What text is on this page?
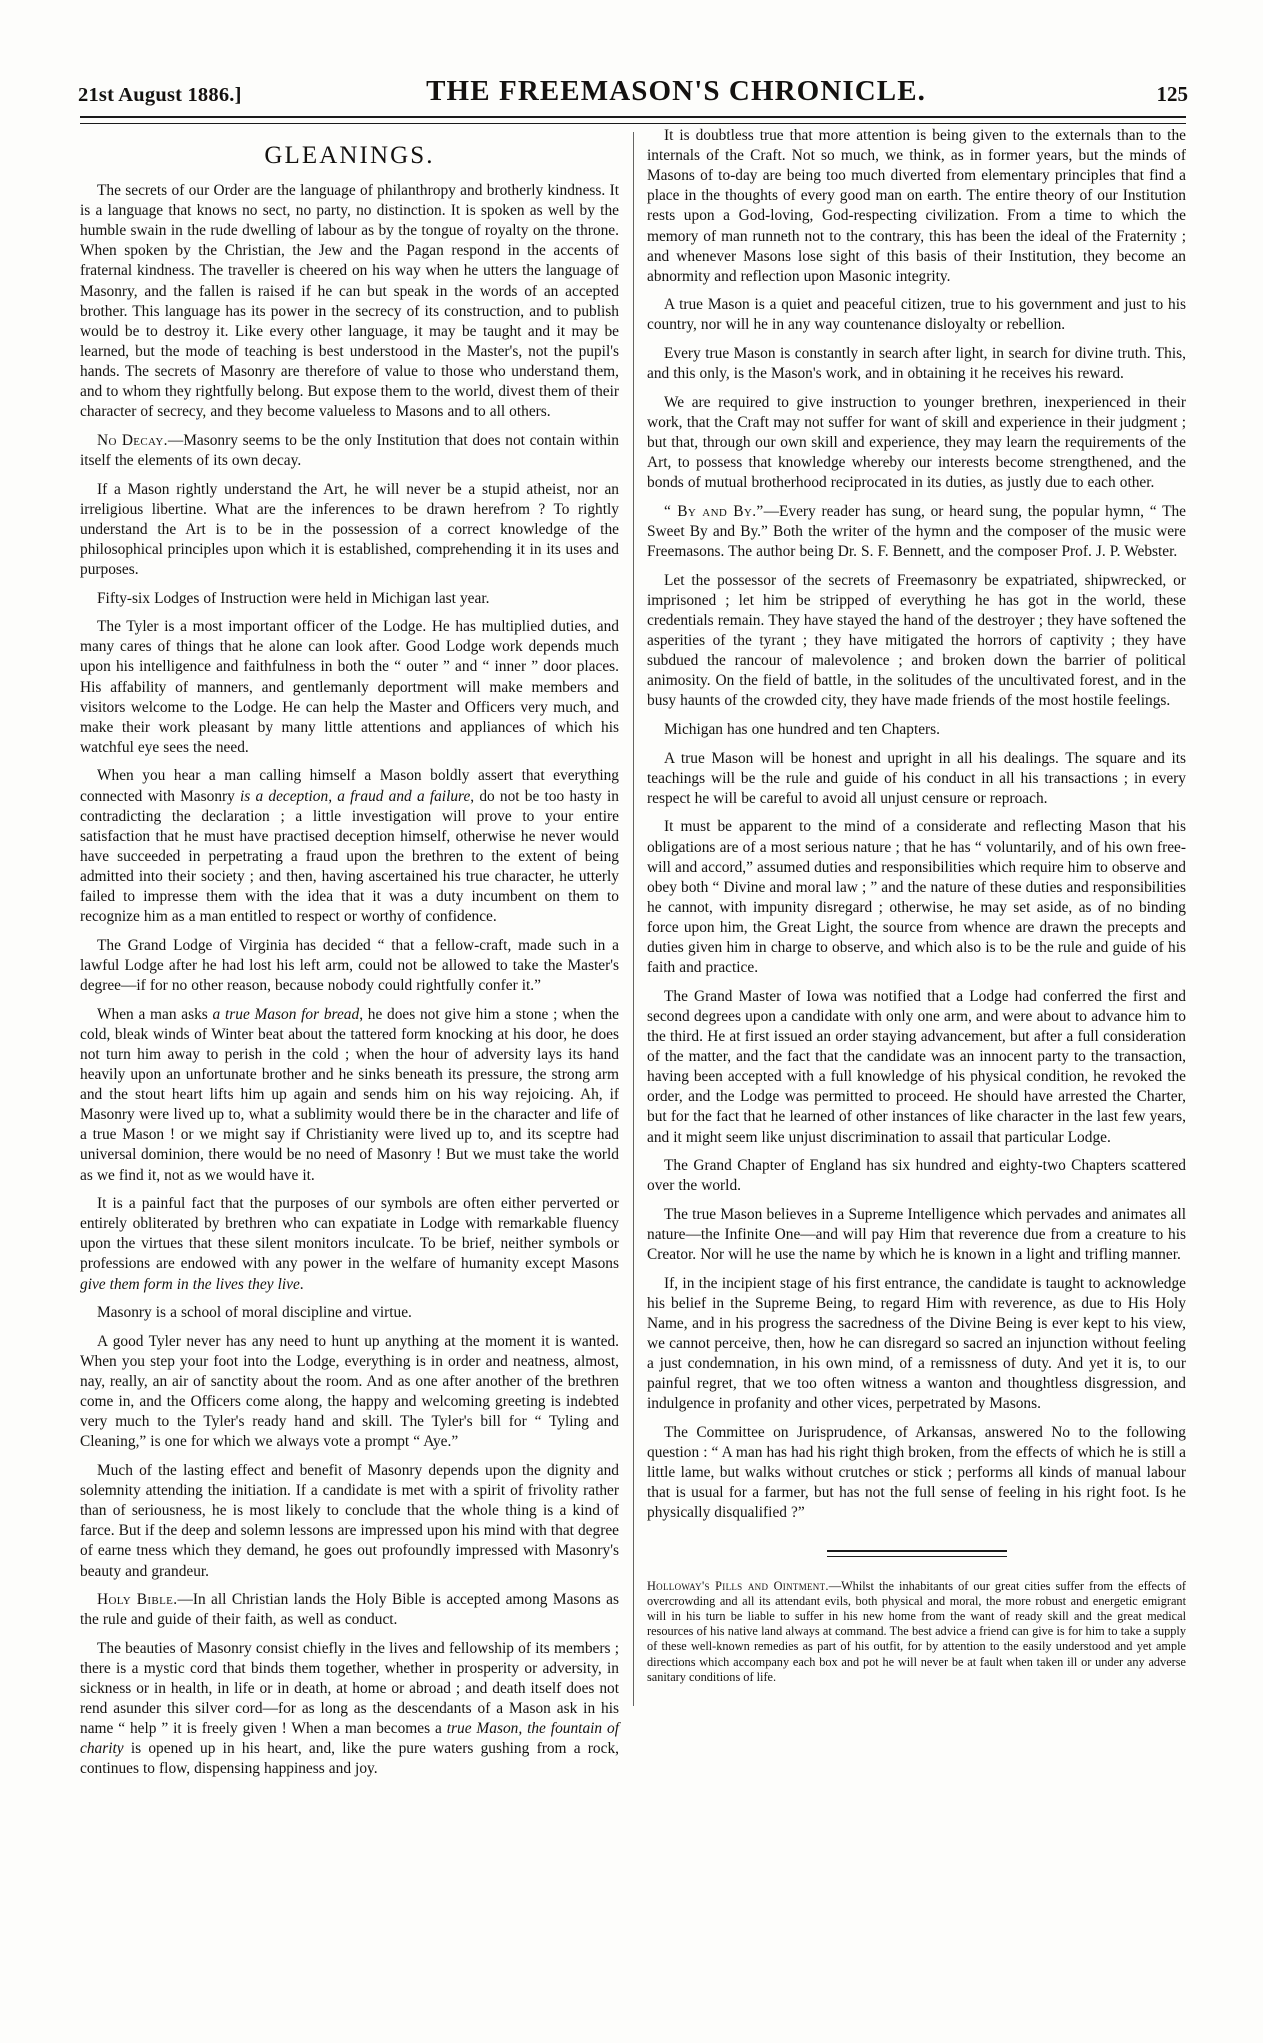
21st August 1886.]	THE FREEMASON'S CHRONICLE.	125
GLEANINGS.

The secrets of our Order are the language of philanthropy and brotherly kindness. It is a language that knows no sect, no party, no distinction. It is spoken as well by the humble swain in the rude dwelling of labour as by the tongue of royalty on the throne. When spoken by the Christian, the Jew and the Pagan respond in the accents of fraternal kindness. The traveller is cheered on his way when he utters the language of Masonry, and the fallen is raised if he can but speak in the words of an accepted brother. This language has its power in the secrecy of its construction, and to publish would be to destroy it. Like every other language, it may be taught and it may be learned, but the mode of teaching is best understood in the Master's, not the pupil's hands. The secrets of Masonry are therefore of value to those who understand them, and to whom they rightfully belong. But expose them to the world, divest them of their character of secrecy, and they become valueless to Masons and to all others.

No Decay.—Masonry seems to be the only Institution that does not contain within itself the elements of its own decay.

If a Mason rightly understand the Art, he will never be a stupid atheist, nor an irreligious libertine. What are the inferences to be drawn herefrom ? To rightly understand the Art is to be in the possession of a correct knowledge of the philosophical principles upon which it is established, comprehending it in its uses and purposes.

Fifty-six Lodges of Instruction were held in Michigan last year.

The Tyler is a most important officer of the Lodge. He has multiplied duties, and many cares of things that he alone can look after. Good Lodge work depends much upon his intelligence and faithfulness in both the “ outer ” and “ inner ” door places. His affability of manners, and gentlemanly deportment will make members and visitors welcome to the Lodge. He can help the Master and Officers very much, and make their work pleasant by many little attentions and appliances of which his watchful eye sees the need.

When you hear a man calling himself a Mason boldly assert that everything connected with Masonry is a deception, a fraud and a failure, do not be too hasty in contradicting the declaration ; a little investigation will prove to your entire satisfaction that he must have practised deception himself, otherwise he never would have succeeded in perpetrating a fraud upon the brethren to the extent of being admitted into their society ; and then, having ascertained his true character, he utterly failed to impresse them with the idea that it was a duty incumbent on them to recognize him as a man entitled to respect or worthy of confidence.

The Grand Lodge of Virginia has decided “ that a fellow-craft, made such in a lawful Lodge after he had lost his left arm, could not be allowed to take the Master's degree—if for no other reason, because nobody could rightfully confer it.”

When a man asks a true Mason for bread, he does not give him a stone ; when the cold, bleak winds of Winter beat about the tattered form knocking at his door, he does not turn him away to perish in the cold ; when the hour of adversity lays its hand heavily upon an unfortunate brother and he sinks beneath its pressure, the strong arm and the stout heart lifts him up again and sends him on his way rejoicing. Ah, if Masonry were lived up to, what a sublimity would there be in the character and life of a true Mason ! or we might say if Christianity were lived up to, and its sceptre had universal dominion, there would be no need of Masonry ! But we must take the world as we find it, not as we would have it.

It is a painful fact that the purposes of our symbols are often either perverted or entirely obliterated by brethren who can expatiate in Lodge with remarkable fluency upon the virtues that these silent monitors inculcate. To be brief, neither symbols or professions are endowed with any power in the welfare of humanity except Masons give them form in the lives they live.

Masonry is a school of moral discipline and virtue.

A good Tyler never has any need to hunt up anything at the moment it is wanted. When you step your foot into the Lodge, everything is in order and neatness, almost, nay, really, an air of sanctity about the room. And as one after another of the brethren come in, and the Officers come along, the happy and welcoming greeting is indebted very much to the Tyler's ready hand and skill. The Tyler's bill for “ Tyling and Cleaning,” is one for which we always vote a prompt “ Aye.”

Much of the lasting effect and benefit of Masonry depends upon the dignity and solemnity attending the initiation. If a candidate is met with a spirit of frivolity rather than of seriousness, he is most likely to conclude that the whole thing is a kind of farce. But if the deep and solemn lessons are impressed upon his mind with that degree of earne tness which they demand, he goes out profoundly impressed with Masonry's beauty and grandeur.

Holy Bible.—In all Christian lands the Holy Bible is accepted among Masons as the rule and guide of their faith, as well as conduct.

The beauties of Masonry consist chiefly in the lives and fellowship of its members ; there is a mystic cord that binds them together, whether in prosperity or adversity, in sickness or in health, in life or in death, at home or abroad ; and death itself does not rend asunder this silver cord—for as long as the descendants of a Mason ask in his name “ help ” it is freely given ! When a man becomes a true Mason, the fountain of charity is opened up in his heart, and, like the pure waters gushing from a rock, continues to flow, dispensing happiness and joy.

It is doubtless true that more attention is being given to the externals than to the internals of the Craft. Not so much, we think, as in former years, but the minds of Masons of to-day are being too much diverted from elementary principles that find a place in the thoughts of every good man on earth. The entire theory of our Institution rests upon a God-loving, God-respecting civilization. From a time to which the memory of man runneth not to the contrary, this has been the ideal of the Fraternity ; and whenever Masons lose sight of this basis of their Institution, they become an abnormity and reflection upon Masonic integrity.

A true Mason is a quiet and peaceful citizen, true to his government and just to his country, nor will he in any way countenance disloyalty or rebellion.

Every true Mason is constantly in search after light, in search for divine truth. This, and this only, is the Mason's work, and in obtaining it he receives his reward.

We are required to give instruction to younger brethren, inexperienced in their work, that the Craft may not suffer for want of skill and experience in their judgment ; but that, through our own skill and experience, they may learn the requirements of the Art, to possess that knowledge whereby our interests become strengthened, and the bonds of mutual brotherhood reciprocated in its duties, as justly due to each other.

“ By and By.”—Every reader has sung, or heard sung, the popular hymn, “ The Sweet By and By.” Both the writer of the hymn and the composer of the music were Freemasons. The author being Dr. S. F. Bennett, and the composer Prof. J. P. Webster.

Let the possessor of the secrets of Freemasonry be expatriated, shipwrecked, or imprisoned ; let him be stripped of everything he has got in the world, these credentials remain. They have stayed the hand of the destroyer ; they have softened the asperities of the tyrant ; they have mitigated the horrors of captivity ; they have subdued the rancour of malevolence ; and broken down the barrier of political animosity. On the field of battle, in the solitudes of the uncultivated forest, and in the busy haunts of the crowded city, they have made friends of the most hostile feelings.

Michigan has one hundred and ten Chapters.

A true Mason will be honest and upright in all his dealings. The square and its teachings will be the rule and guide of his conduct in all his transactions ; in every respect he will be careful to avoid all unjust censure or reproach.

It must be apparent to the mind of a considerate and reflecting Mason that his obligations are of a most serious nature ; that he has “ voluntarily, and of his own free-will and accord,” assumed duties and responsibilities which require him to observe and obey both “ Divine and moral law ; ” and the nature of these duties and responsibilities he cannot, with impunity disregard ; otherwise, he may set aside, as of no binding force upon him, the Great Light, the source from whence are drawn the precepts and duties given him in charge to observe, and which also is to be the rule and guide of his faith and practice.

The Grand Master of Iowa was notified that a Lodge had conferred the first and second degrees upon a candidate with only one arm, and were about to advance him to the third. He at first issued an order staying advancement, but after a full consideration of the matter, and the fact that the candidate was an innocent party to the transaction, having been accepted with a full knowledge of his physical condition, he revoked the order, and the Lodge was permitted to proceed. He should have arrested the Charter, but for the fact that he learned of other instances of like character in the last few years, and it might seem like unjust discrimination to assail that particular Lodge.

The Grand Chapter of England has six hundred and eighty-two Chapters scattered over the world.

The true Mason believes in a Supreme Intelligence which pervades and animates all nature—the Infinite One—and will pay Him that reverence due from a creature to his Creator. Nor will he use the name by which he is known in a light and trifling manner.

If, in the incipient stage of his first entrance, the candidate is taught to acknowledge his belief in the Supreme Being, to regard Him with reverence, as due to His Holy Name, and in his progress the sacredness of the Divine Being is ever kept to his view, we cannot perceive, then, how he can disregard so sacred an injunction without feeling a just condemnation, in his own mind, of a remissness of duty. And yet it is, to our painful regret, that we too often witness a wanton and thoughtless disgression, and indulgence in profanity and other vices, perpetrated by Masons.

The Committee on Jurisprudence, of Arkansas, answered No to the following question : “ A man has had his right thigh broken, from the effects of which he is still a little lame, but walks without crutches or stick ; performs all kinds of manual labour that is usual for a farmer, but has not the full sense of feeling in his right foot. Is he physically disqualified ?”

Holloway's Pills and Ointment.—Whilst the inhabitants of our great cities suffer from the effects of overcrowding and all its attendant evils, both physical and moral, the more robust and energetic emigrant will in his turn be liable to suffer in his new home from the want of ready skill and the great medical resources of his native land always at command. The best advice a friend can give is for him to take a supply of these well-known remedies as part of his outfit, for by attention to the easily understood and yet ample directions which accompany each box and pot he will never be at fault when taken ill or under any adverse sanitary conditions of life.
